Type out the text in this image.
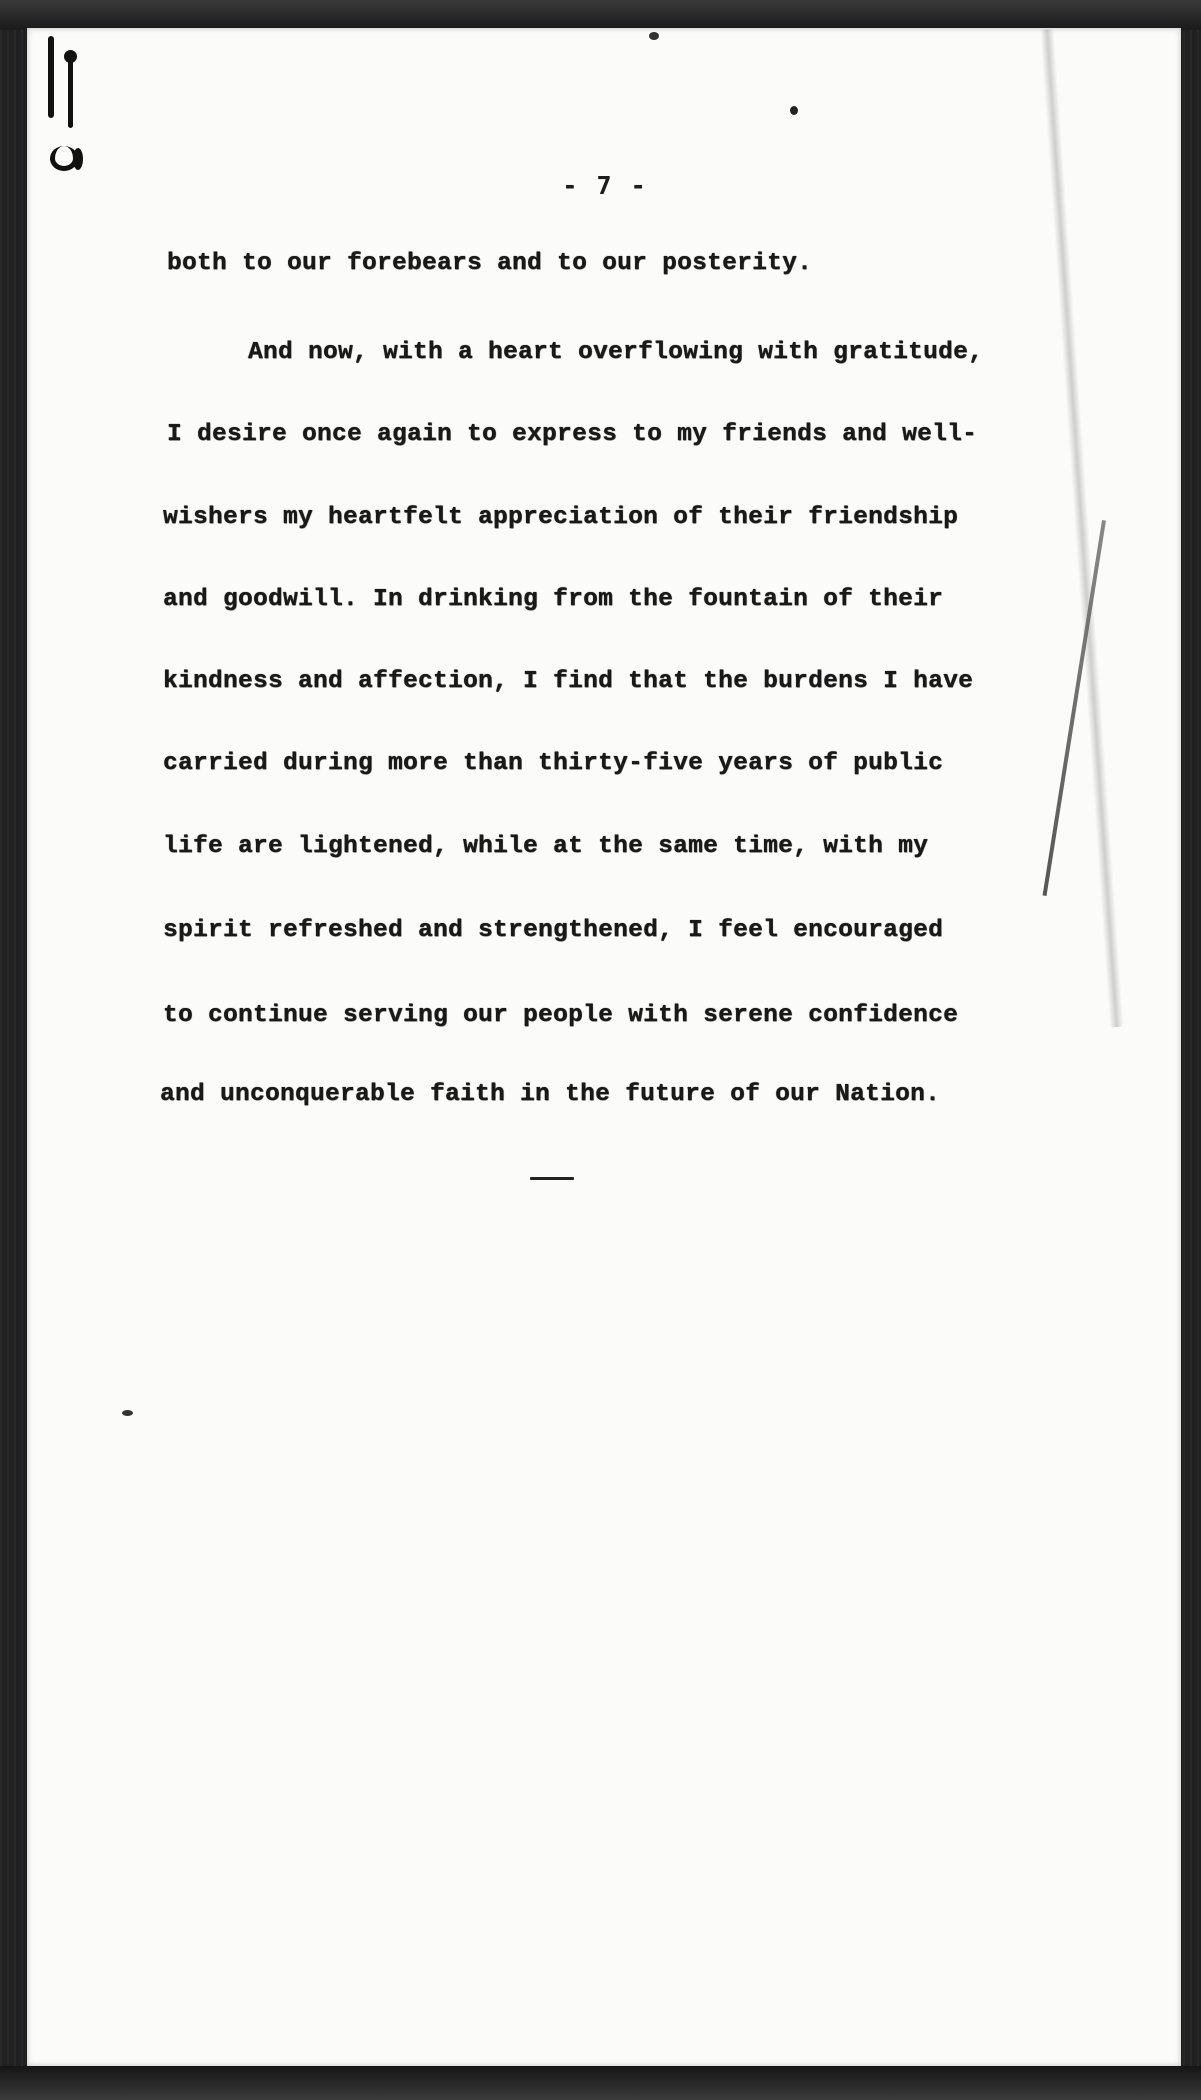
- 7 -
both to our forebears and to our posterity.
And now, with a heart overflowing with gratitude,
I desire once again to express to my friends and well-
wishers my heartfelt appreciation of their friendship
and goodwill. In drinking from the fountain of their
kindness and affection, I find that the burdens I have
carried during more than thirty-five years of public
life are lightened, while at the same time, with my
spirit refreshed and strengthened, I feel encouraged
to continue serving our people with serene confidence
and unconquerable faith in the future of our Nation.
